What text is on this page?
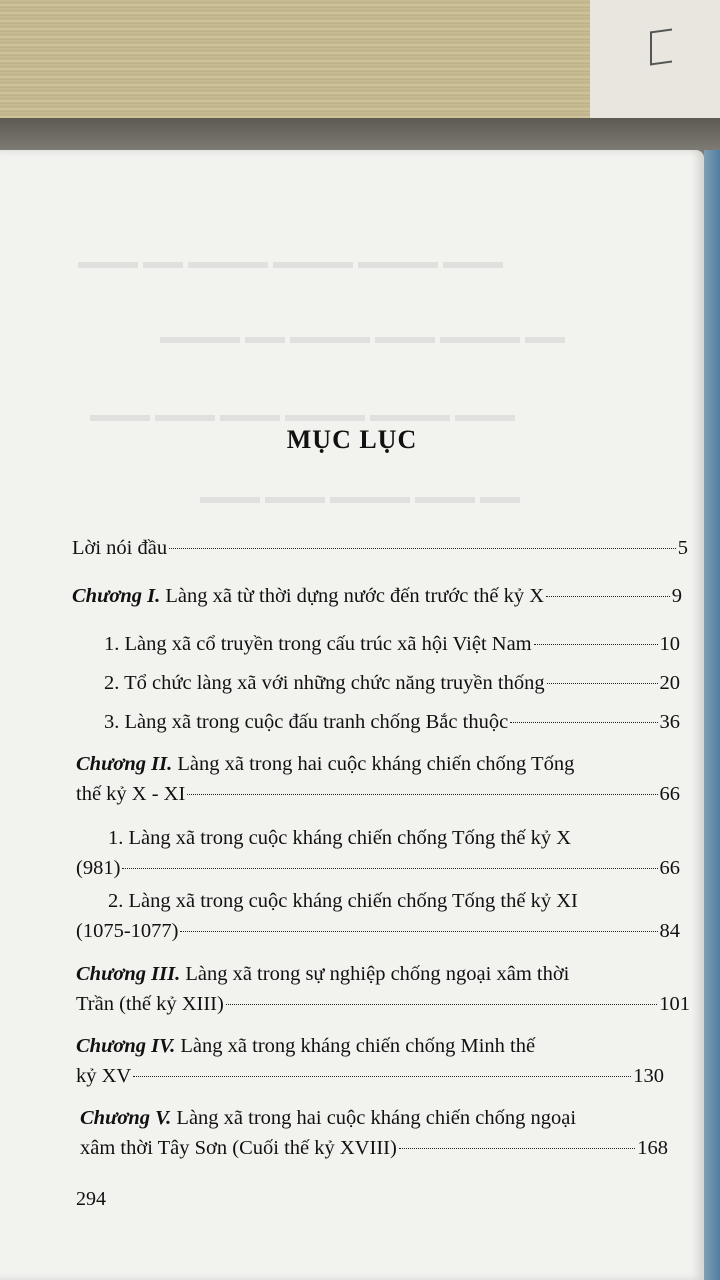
▬▬▬ ▬▬ ▬▬▬▬ ▬▬▬▬ ▬▬▬▬ ▬▬▬
▬▬▬▬ ▬▬ ▬▬▬▬ ▬▬▬ ▬▬▬▬ ▬▬
▬▬▬ ▬▬▬ ▬▬▬ ▬▬▬▬ ▬▬▬▬ ▬▬▬
▬▬▬ ▬▬▬ ▬▬▬▬ ▬▬▬ ▬▬
MỤC LỤC
Lời nói đầu	5
Chương I. Làng xã từ thời dựng nước đến trước thế kỷ X	9
1. Làng xã cổ truyền trong cấu trúc xã hội Việt Nam	10
2. Tổ chức làng xã với những chức năng truyền thống	20
3. Làng xã trong cuộc đấu tranh chống Bắc thuộc	36
Chương II. Làng xã trong hai cuộc kháng chiến chống Tống
thế kỷ X - XI	66
1. Làng xã trong cuộc kháng chiến chống Tống thế kỷ X
(981)	66
2. Làng xã trong cuộc kháng chiến chống Tống thế kỷ XI
(1075-1077)	84
Chương III. Làng xã trong sự nghiệp chống ngoại xâm thời
Trần (thế kỷ XIII)	101
Chương IV. Làng xã trong kháng chiến chống Minh thế
kỷ XV	130
Chương V. Làng xã trong hai cuộc kháng chiến chống ngoại
xâm thời Tây Sơn (Cuối thế kỷ XVIII)	168
294
